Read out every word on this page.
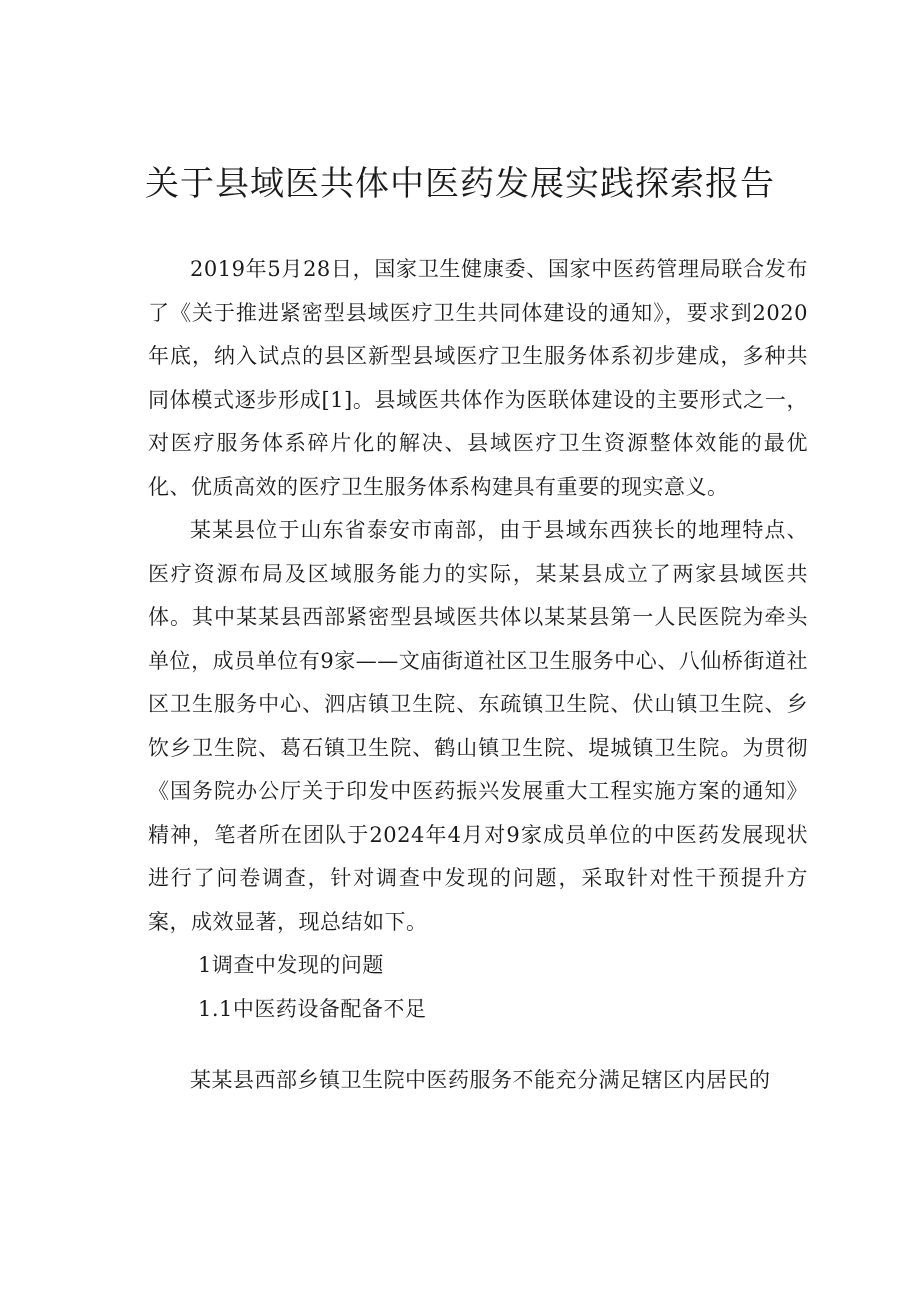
关于县域医共体中医药发展实践探索报告

2019年5月28日，国家卫生健康委、国家中医药管理局联合发布了《关于推进紧密型县域医疗卫生共同体建设的通知》，要求到2020年底，纳入试点的县区新型县域医疗卫生服务体系初步建成，多种共同体模式逐步形成[1]。县域医共体作为医联体建设的主要形式之一，对医疗服务体系碎片化的解决、县域医疗卫生资源整体效能的最优化、优质高效的医疗卫生服务体系构建具有重要的现实意义。

某某县位于山东省泰安市南部，由于县域东西狭长的地理特点、医疗资源布局及区域服务能力的实际，某某县成立了两家县域医共体。其中某某县西部紧密型县域医共体以某某县第一人民医院为牵头单位，成员单位有9家——文庙街道社区卫生服务中心、八仙桥街道社区卫生服务中心、泗店镇卫生院、东疏镇卫生院、伏山镇卫生院、乡饮乡卫生院、葛石镇卫生院、鹤山镇卫生院、堤城镇卫生院。为贯彻《国务院办公厅关于印发中医药振兴发展重大工程实施方案的通知》精神，笔者所在团队于2024年4月对9家成员单位的中医药发展现状进行了问卷调查，针对调查中发现的问题，采取针对性干预提升方案，成效显著，现总结如下。

1调查中发现的问题

1.1中医药设备配备不足

某某县西部乡镇卫生院中医药服务不能充分满足辖区内居民的
